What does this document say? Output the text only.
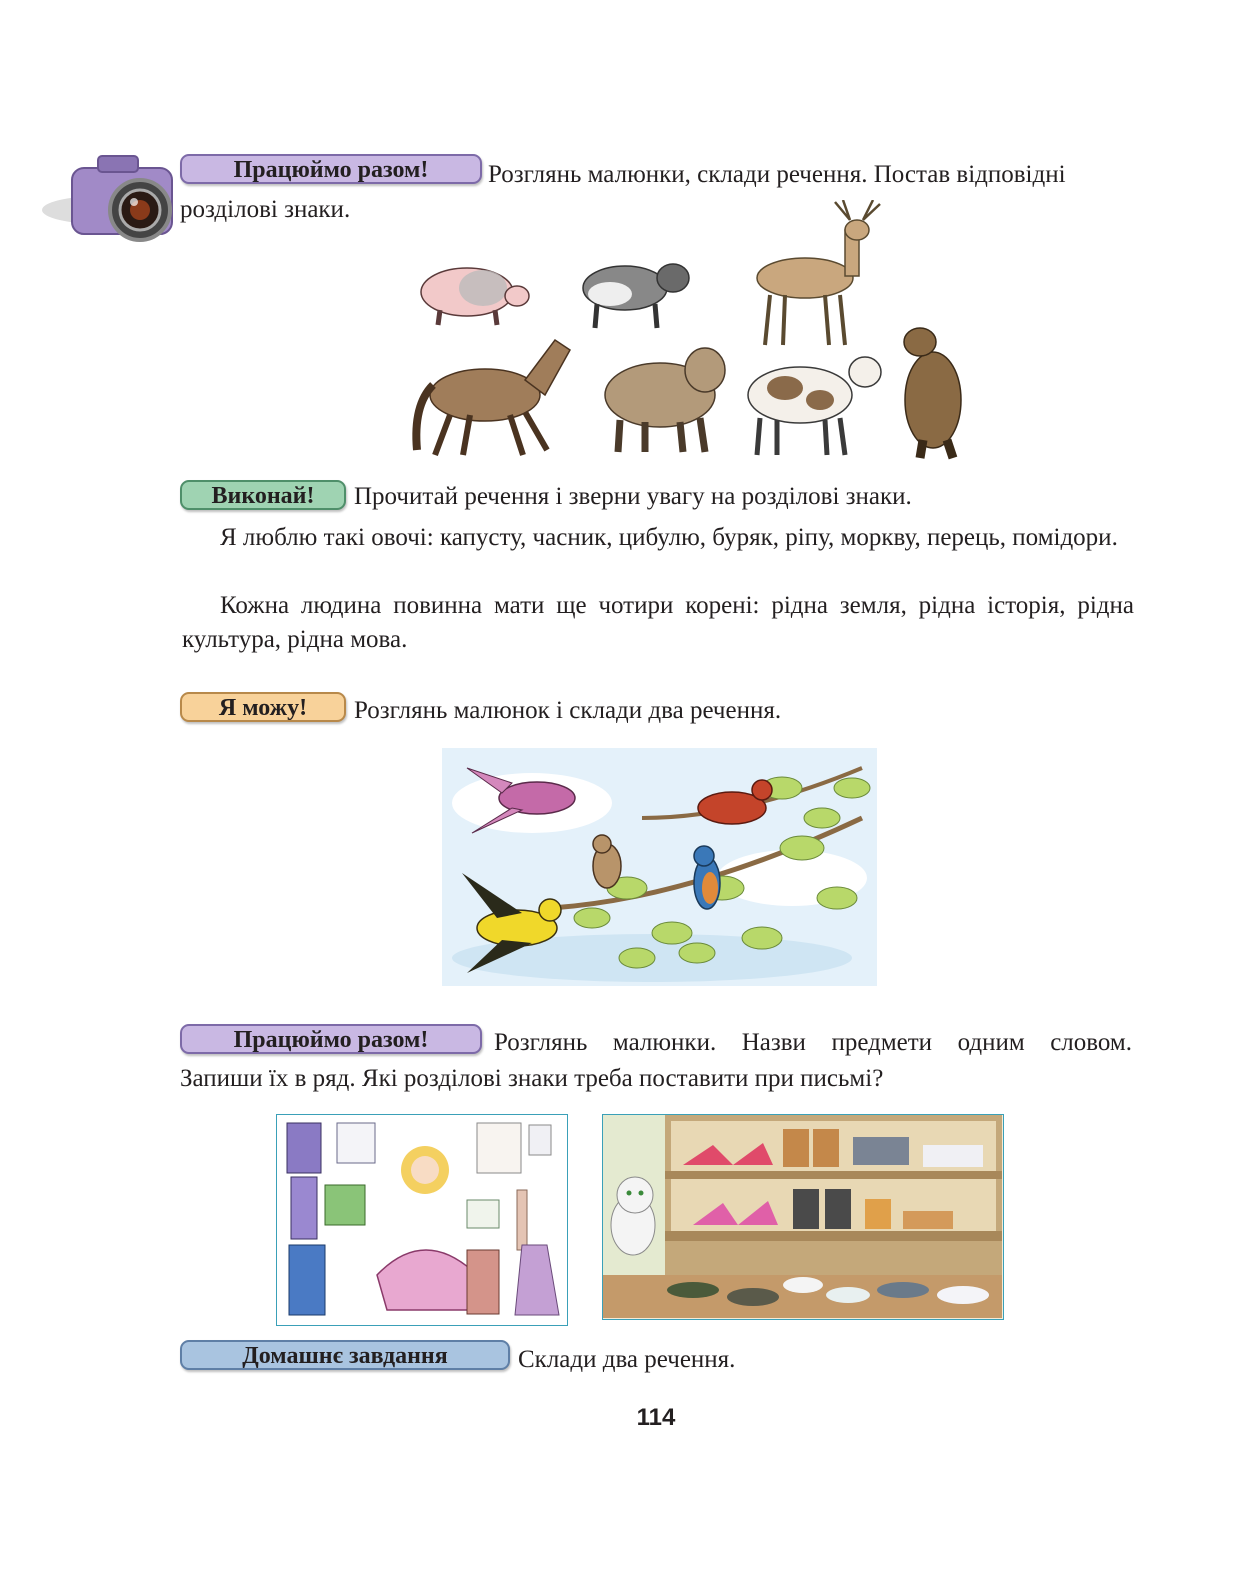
Працюймо разом!	Розглянь малюнки, склади речення. Постав відповідні
розділові знаки.
Виконай!	Прочитай речення і зверни увагу на розділові знаки.
Я люблю такі овочі: капусту, часник, цибулю, буряк, ріпу, моркву, перець, помідори.
Кожна людина повинна мати ще чотири корені: рідна земля, рідна історія, рідна культура, рідна мова.
Я можу!	Розглянь малюнок і склади два речення.
Працюймо разом!	Розглянь малюнки. Назви предмети одним словом.
Запиши їх в ряд. Які розділові знаки треба поставити при письмі?
Домашнє завдання	Склади два речення.
114
